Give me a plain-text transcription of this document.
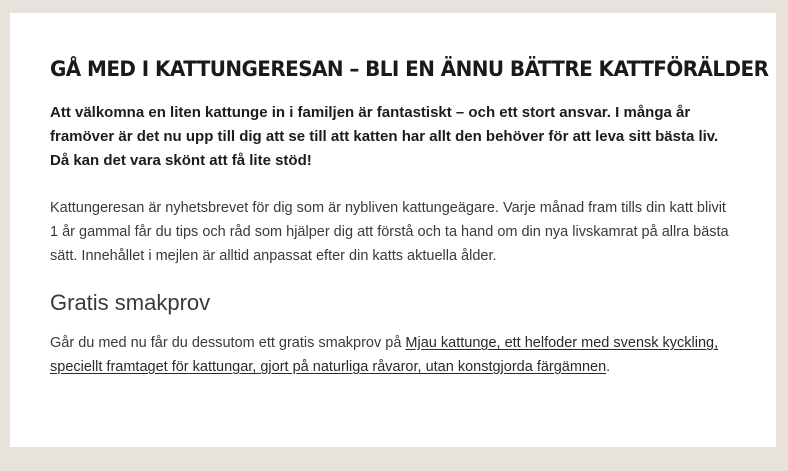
GÅ MED I KATTUNGERESAN – BLI EN ÄNNU BÄTTRE KATTFÖRÄLDER

Att välkomna en liten kattunge in i familjen är fantastiskt – och ett stort ansvar. I många år framöver är det nu upp till dig att se till att katten har allt den behöver för att leva sitt bästa liv. Då kan det vara skönt att få lite stöd!

Kattungeresan är nyhetsbrevet för dig som är nybliven kattungeägare. Varje månad fram tills din katt blivit 1 år gammal får du tips och råd som hjälper dig att förstå och ta hand om din nya livskamrat på allra bästa sätt. Innehållet i mejlen är alltid anpassat efter din katts aktuella ålder.

Gratis smakprov

Går du med nu får du dessutom ett gratis smakprov på Mjau kattunge, ett helfoder med svensk kyckling, speciellt framtaget för kattungar, gjort på naturliga råvaror, utan konstgjorda färgämnen.
